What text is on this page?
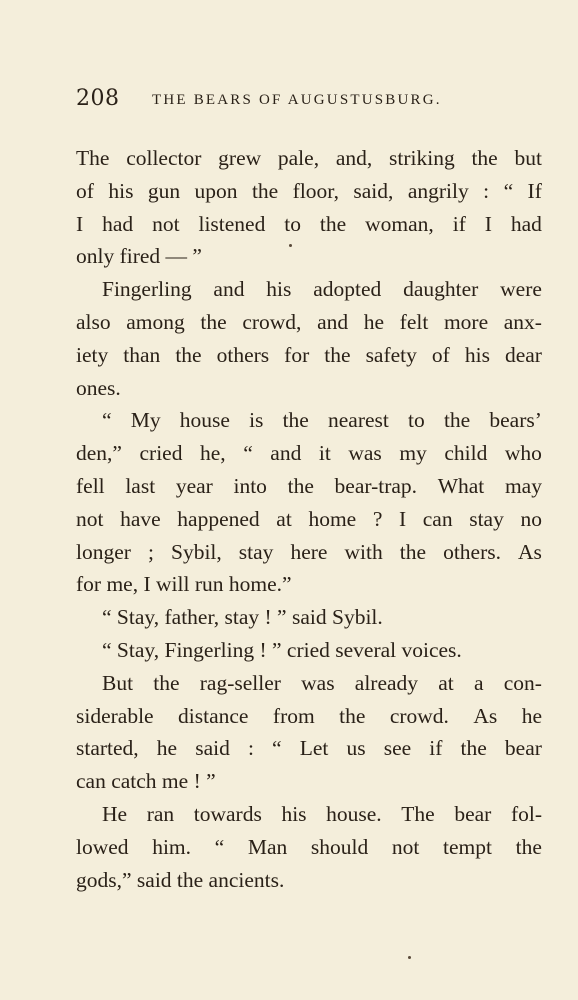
208 THE BEARS OF AUGUSTUSBURG.
The collector grew pale, and, striking the but
of his gun upon the floor, said, angrily : “ If
I had not listened to the woman, if I had
only fired — ”
Fingerling and his adopted daughter were
also among the crowd, and he felt more anx-
iety than the others for the safety of his dear
ones.
“ My house is the nearest to the bears’
den,” cried he, “ and it was my child who
fell last year into the bear-trap. What may
not have happened at home ? I can stay no
longer ; Sybil, stay here with the others. As
for me, I will run home.”
“ Stay, father, stay ! ” said Sybil.
“ Stay, Fingerling ! ” cried several voices.
But the rag-seller was already at a con-
siderable distance from the crowd. As he
started, he said : “ Let us see if the bear
can catch me ! ”
He ran towards his house. The bear fol-
lowed him. “ Man should not tempt the
gods,” said the ancients.
